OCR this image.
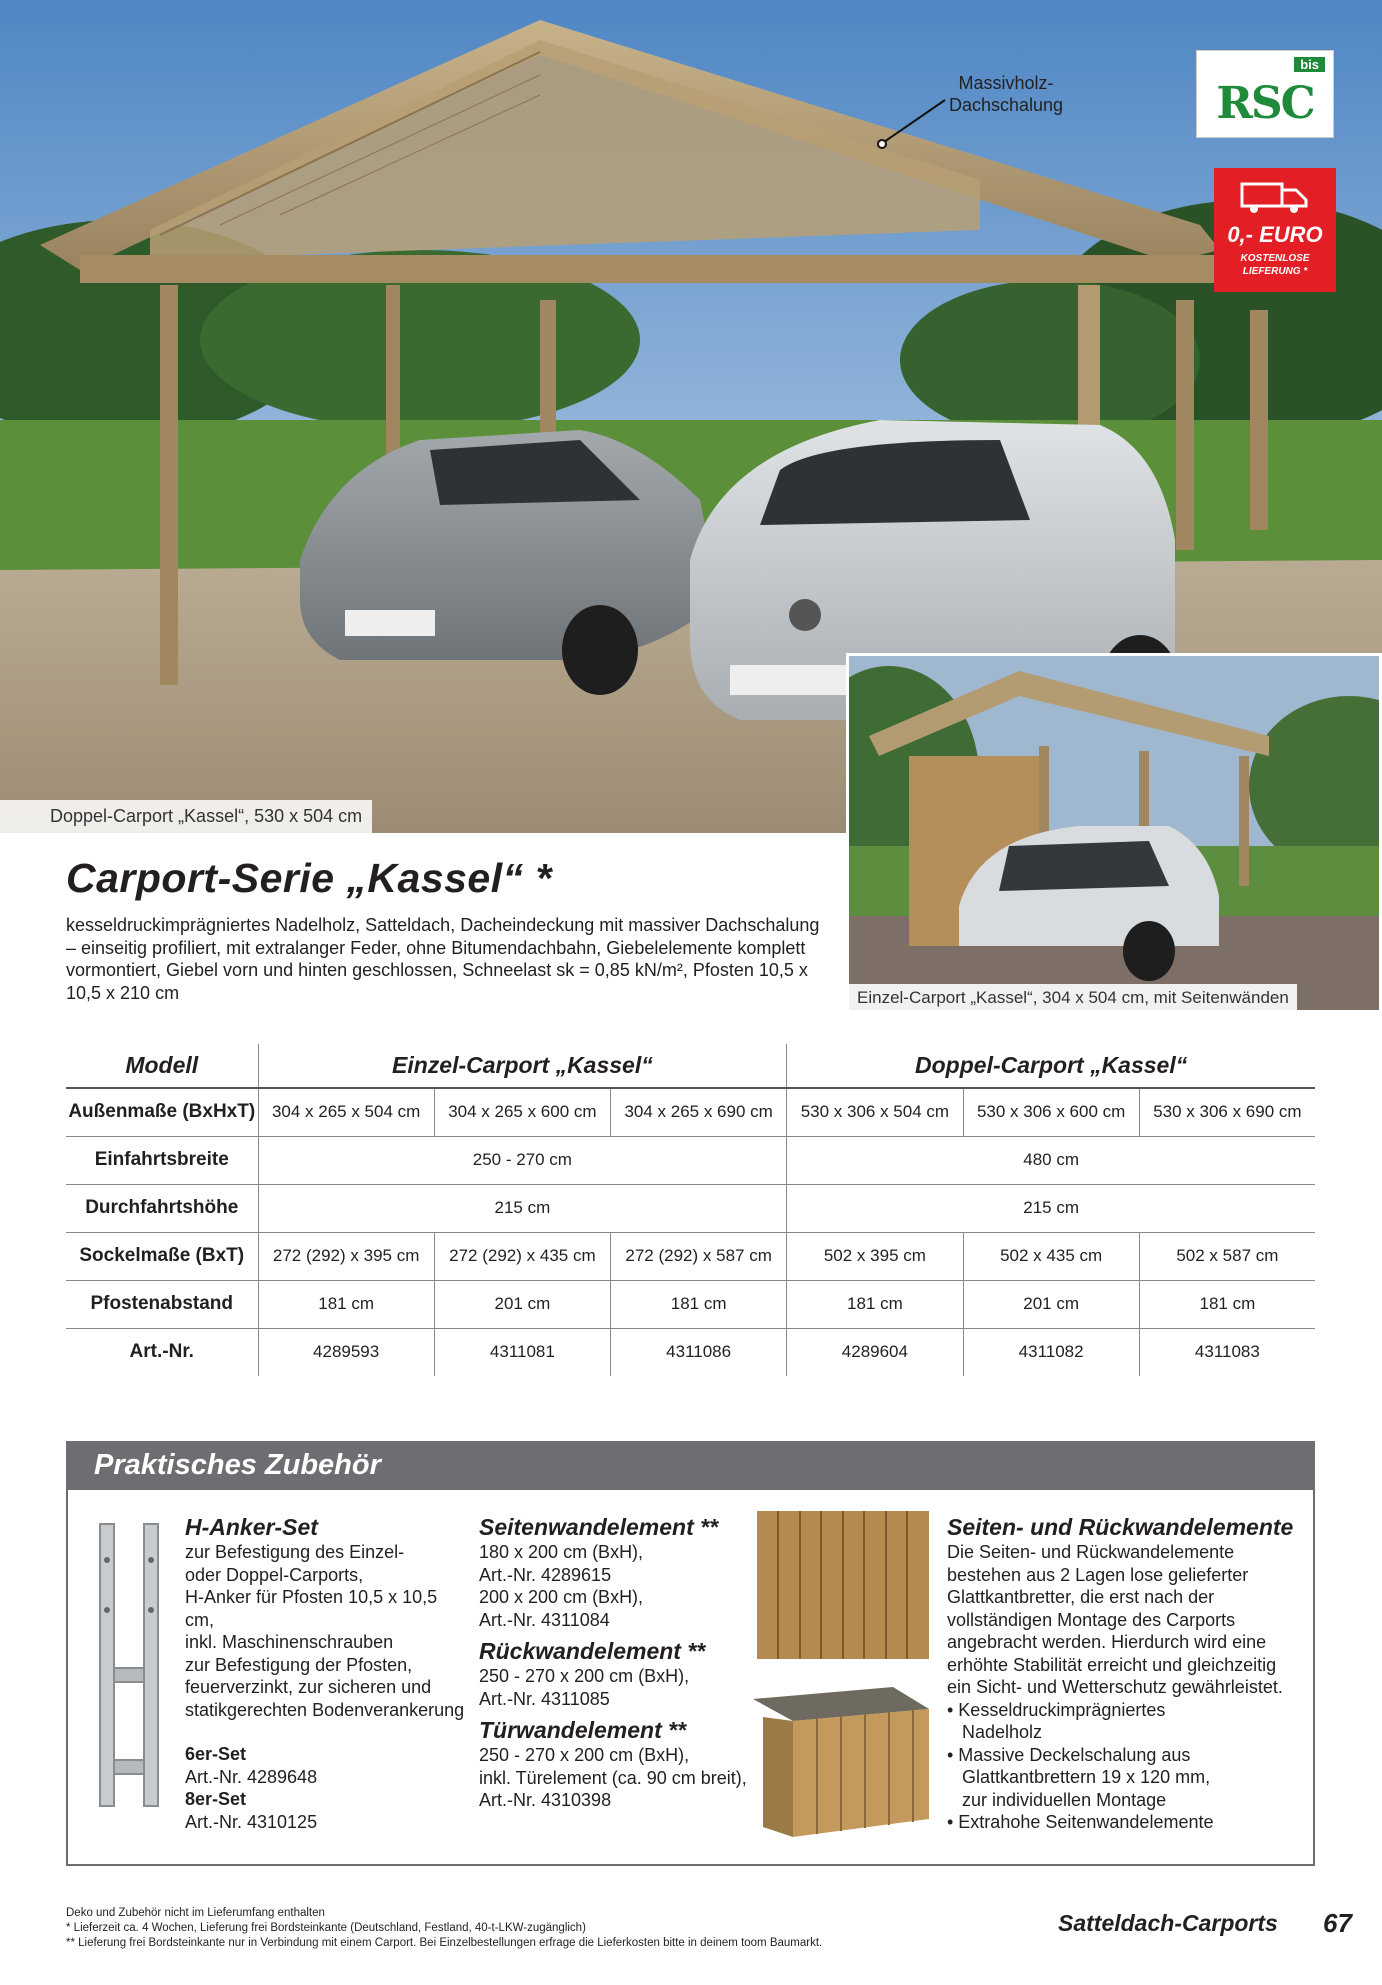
Doppel-Carport „Kassel“, 530 x 504 cm
Massivholz-
Dachschalung
bis
RSC
0,- EURO
KOSTENLOSE
LIEFERUNG *
Einzel-Carport „Kassel“, 304 x 504 cm, mit Seitenwänden
Carport-Serie „Kassel“ *
kesseldruckimprägniertes Nadelholz, Satteldach, Dacheindeckung mit massiver Dachschalung – einseitig profiliert, mit extralanger Feder, ohne Bitumendachbahn, Giebelelemente komplett vormontiert, Giebel vorn und hinten geschlossen, Schneelast sk = 0,85 kN/m², Pfosten 10,5 x 10,5 x 210 cm
Modell	Einzel-Carport „Kassel“			Doppel-Carport „Kassel“		
Außenmaße (BxHxT)	304 x 265 x 504 cm	304 x 265 x 600 cm	304 x 265 x 690 cm	530 x 306 x 504 cm	530 x 306 x 600 cm	530 x 306 x 690 cm
Einfahrtsbreite	250 - 270 cm			480 cm		
Durchfahrtshöhe	215 cm			215 cm		
Sockelmaße (BxT)	272 (292) x 395 cm	272 (292) x 435 cm	272 (292) x 587 cm	502 x 395 cm	502 x 435 cm	502 x 587 cm
Pfostenabstand	181 cm	201 cm	181 cm	181 cm	201 cm	181 cm
Art.-Nr.	4289593	4311081	4311086	4289604	4311082	4311083
Praktisches Zubehör
H-Anker-Set
zur Befestigung des Einzel-
oder Doppel-Carports,
H-Anker für Pfosten 10,5 x 10,5 cm,
inkl. Maschinenschrauben
zur Befestigung der Pfosten,
feuerverzinkt, zur sicheren und
statikgerechten Bodenverankerung
6er-Set
Art.-Nr. 4289648
8er-Set
Art.-Nr. 4310125
Seitenwandelement **
180 x 200 cm (BxH),
Art.-Nr. 4289615
200 x 200 cm (BxH),
Art.-Nr. 4311084
Rückwandelement **
250 - 270 x 200 cm (BxH),
Art.-Nr. 4311085
Türwandelement **
250 - 270 x 200 cm (BxH),
inkl. Türelement (ca. 90 cm breit),
Art.-Nr. 4310398
Seiten- und Rückwandelemente
Die Seiten- und Rückwandelemente
bestehen aus 2 Lagen lose gelieferter
Glattkantbretter, die erst nach der
vollständigen Montage des Carports
angebracht werden. Hierdurch wird eine
erhöhte Stabilität erreicht und gleichzeitig
ein Sicht- und Wetterschutz gewährleistet.
• Kesseldruckimprägniertes
Nadelholz
• Massive Deckelschalung aus
Glattkantbrettern 19 x 120 mm,
zur individuellen Montage
• Extrahohe Seitenwandelemente
Deko und Zubehör nicht im Lieferumfang enthalten
* Lieferzeit ca. 4 Wochen, Lieferung frei Bordsteinkante (Deutschland, Festland, 40-t-LKW-zugänglich)
** Lieferung frei Bordsteinkante nur in Verbindung mit einem Carport. Bei Einzelbestellungen erfrage die Lieferkosten bitte in deinem toom Baumarkt.
Satteldach-Carports 67
